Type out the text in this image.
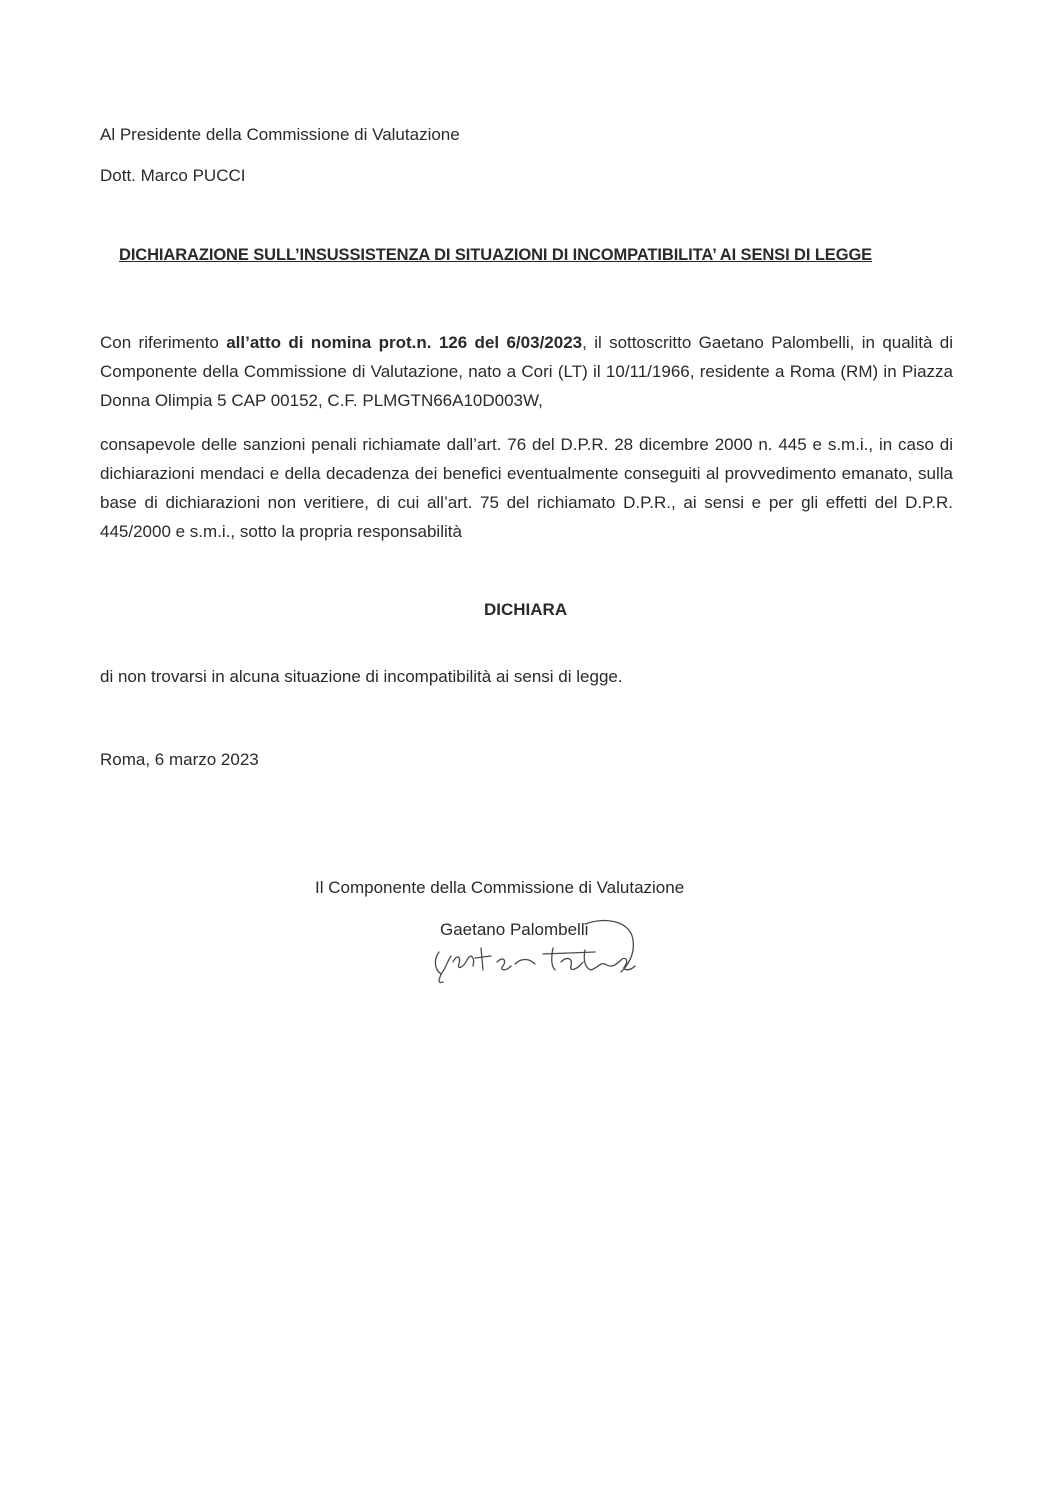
Al Presidente della Commissione di Valutazione
Dott. Marco PUCCI
DICHIARAZIONE SULL’INSUSSISTENZA DI SITUAZIONI DI INCOMPATIBILITA’ AI SENSI DI LEGGE
Con riferimento all’atto di nomina prot.n. 126 del 6/03/2023, il sottoscritto Gaetano Palombelli, in qualità di Componente della Commissione di Valutazione, nato a Cori (LT) il 10/11/1966, residente a Roma (RM) in Piazza Donna Olimpia 5 CAP 00152, C.F. PLMGTN66A10D003W,
consapevole delle sanzioni penali richiamate dall’art. 76 del D.P.R. 28 dicembre 2000 n. 445 e s.m.i., in caso di dichiarazioni mendaci e della decadenza dei benefici eventualmente conseguiti al provvedimento emanato, sulla base di dichiarazioni non veritiere, di cui all’art. 75 del richiamato D.P.R., ai sensi e per gli effetti del D.P.R. 445/2000 e s.m.i., sotto la propria responsabilità
DICHIARA
di non trovarsi in alcuna situazione di incompatibilità ai sensi di legge.
Roma, 6 marzo 2023
Il Componente della Commissione di Valutazione
Gaetano Palombelli
